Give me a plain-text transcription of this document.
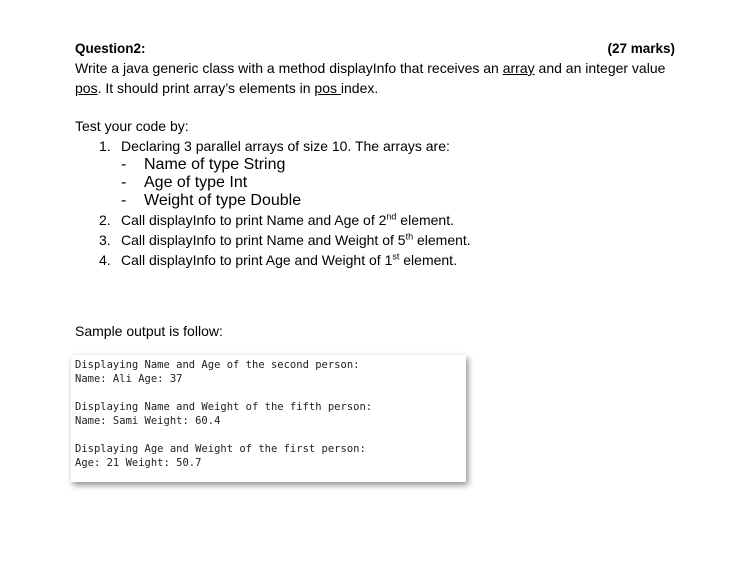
Question2:	(27 marks)
Write a java generic class with a method displayInfo that receives an array and an integer value
pos. It should print array’s elements in pos index.
Test your code by:
1. Declaring 3 parallel arrays of size 10. The arrays are:
- Name of type String
- Age of type Int
- Weight of type Double
2. Call displayInfo to print Name and Age of 2nd element.
3. Call displayInfo to print Name and Weight of 5th element.
4. Call displayInfo to print Age and Weight of 1st element.
Sample output is follow:
Displaying Name and Age of the second person:
Name: Ali Age: 37
Displaying Name and Weight of the fifth person:
Name: Sami Weight: 60.4
Displaying Age and Weight of the first person:
Age: 21 Weight: 50.7
